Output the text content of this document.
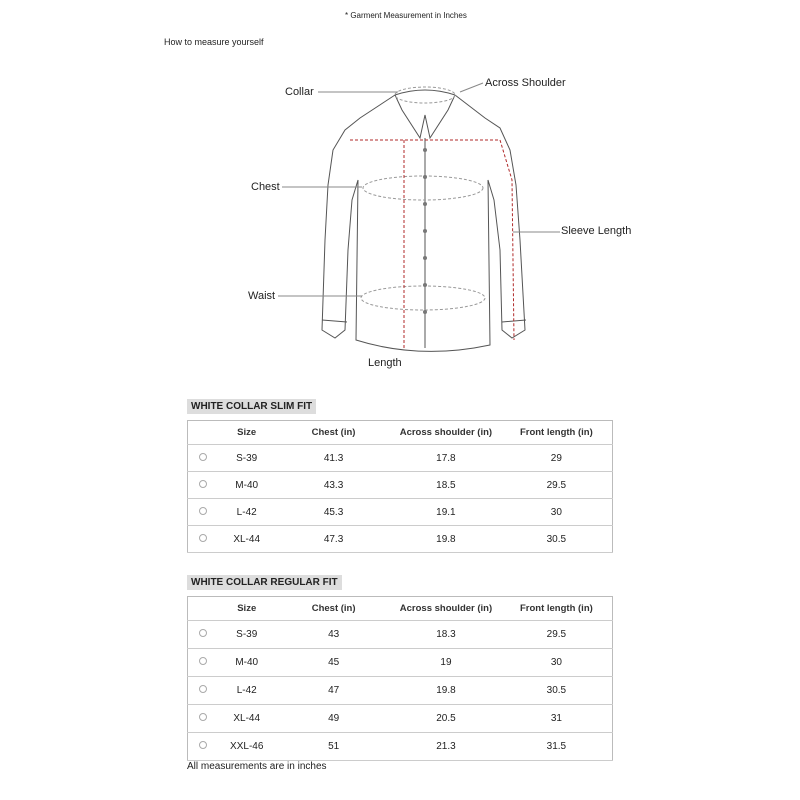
* Garment Measurement in Inches
How to measure yourself
Collar
Across Shoulder
Chest
Sleeve Length
Waist
Length
WHITE COLLAR SLIM FIT
	Size	Chest (in)	Across shoulder (in)	Front length (in)
	S-39	41.3	17.8	29
	M-40	43.3	18.5	29.5
	L-42	45.3	19.1	30
	XL-44	47.3	19.8	30.5
WHITE COLLAR REGULAR FIT
	Size	Chest (in)	Across shoulder (in)	Front length (in)
	S-39	43	18.3	29.5
	M-40	45	19	30
	L-42	47	19.8	30.5
	XL-44	49	20.5	31
	XXL-46	51	21.3	31.5
All measurements are in inches
